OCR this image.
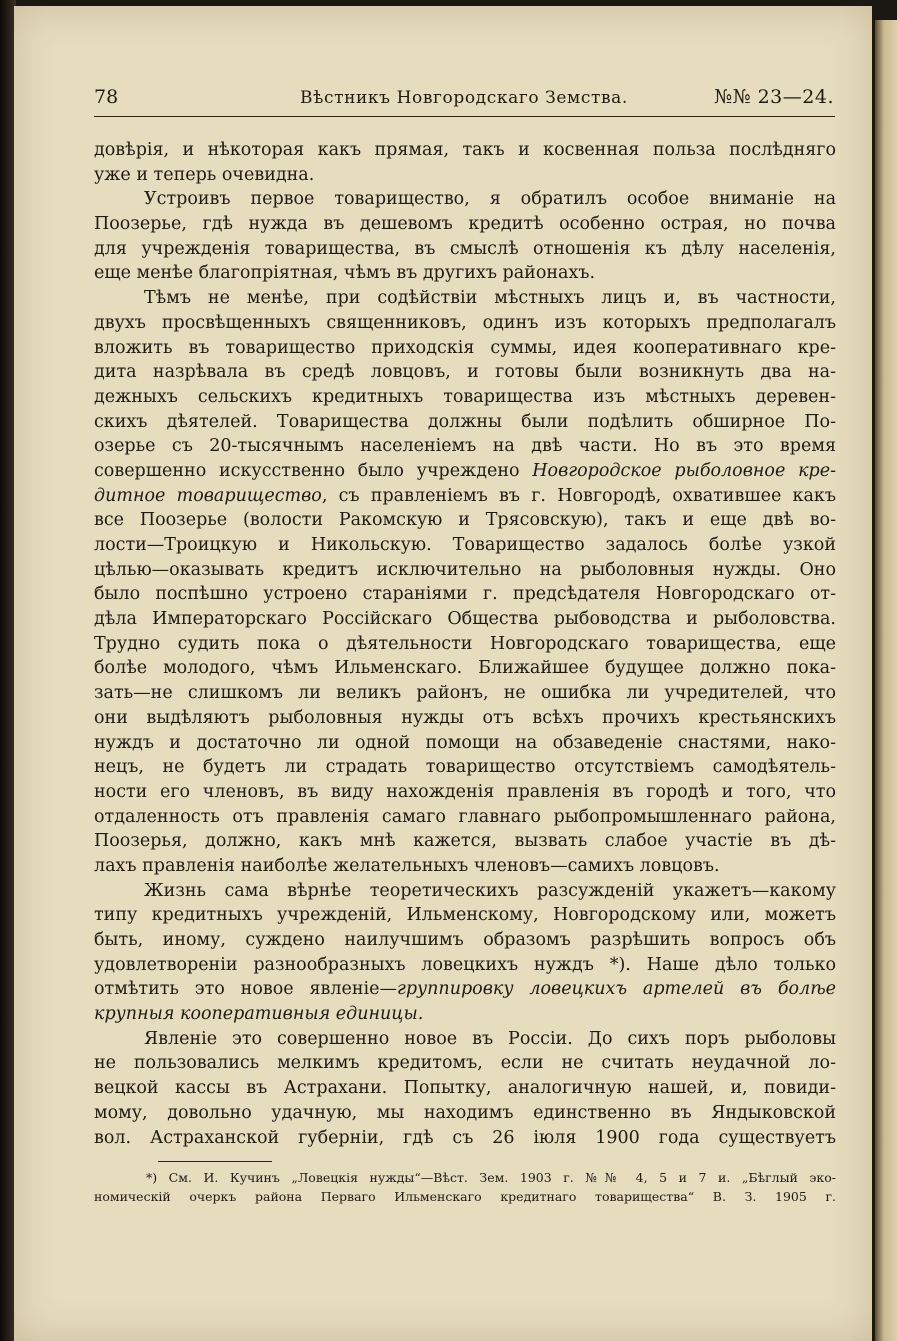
78	Вѣстникъ Новгородскаго Земства.	№№ 23—24.
довѣрія, и нѣкоторая какъ прямая, такъ и косвенная польза послѣдняго
уже и теперь очевидна.
Устроивъ первое товарищество, я обратилъ особое вниманіе на
Поозерье, гдѣ нужда въ дешевомъ кредитѣ особенно острая, но почва
для учрежденія товарищества, въ смыслѣ отношенія къ дѣлу населенія,
еще менѣе благопріятная, чѣмъ въ другихъ районахъ.
Тѣмъ не менѣе, при содѣйствіи мѣстныхъ лицъ и, въ частности,
двухъ просвѣщенныхъ священниковъ, одинъ изъ которыхъ предполагалъ
вложить въ товарищество приходскія суммы, идея кооперативнаго кре-
дита назрѣвала въ средѣ ловцовъ, и готовы были возникнуть два на-
дежныхъ сельскихъ кредитныхъ товарищества изъ мѣстныхъ деревен-
скихъ дѣятелей. Товарищества должны были подѣлить обширное По-
озерье съ 20-тысячнымъ населеніемъ на двѣ части. Но въ это время
совершенно искусственно было учреждено Новгородское рыболовное кре-
дитное товарищество, съ правленіемъ въ г. Новгородѣ, охватившее какъ
все Поозерье (волости Ракомскую и Трясовскую), такъ и еще двѣ во-
лости—Троицкую и Никольскую. Товарищество задалось болѣе узкой
цѣлью—оказывать кредитъ исключительно на рыболовныя нужды. Оно
было поспѣшно устроено стараніями г. предсѣдателя Новгородскаго от-
дѣла Императорскаго Россійскаго Общества рыбоводства и рыболовства.
Трудно судить пока о дѣятельности Новгородскаго товарищества, еще
болѣе молодого, чѣмъ Ильменскаго. Ближайшее будущее должно пока-
зать—не слишкомъ ли великъ районъ, не ошибка ли учредителей, что
они выдѣляютъ рыболовныя нужды отъ всѣхъ прочихъ крестьянскихъ
нуждъ и достаточно ли одной помощи на обзаведеніе снастями, нако-
нецъ, не будетъ ли страдать товарищество отсутствіемъ самодѣятель-
ности его членовъ, въ виду нахожденія правленія въ городѣ и того, что
отдаленность отъ правленія самаго главнаго рыбопромышленнаго района,
Поозерья, должно, какъ мнѣ кажется, вызвать слабое участіе въ дѣ-
лахъ правленія наиболѣе желательныхъ членовъ—самихъ ловцовъ.
Жизнь сама вѣрнѣе теоретическихъ разсужденій укажетъ—какому
типу кредитныхъ учрежденій, Ильменскому, Новгородскому или, можетъ
быть, иному, суждено наилучшимъ образомъ разрѣшить вопросъ объ
удовлетвореніи разнообразныхъ ловецкихъ нуждъ *). Наше дѣло только
отмѣтить это новое явленіе—группировку ловецкихъ артелей въ болѣе
крупныя кооперативныя единицы.
Явленіе это совершенно новое въ Россіи. До сихъ поръ рыболовы
не пользовались мелкимъ кредитомъ, если не считать неудачной ло-
вецкой кассы въ Астрахани. Попытку, аналогичную нашей, и, повиди-
мому, довольно удачную, мы находимъ единственно въ Яндыковской
вол. Астраханской губерніи, гдѣ съ 26 іюля 1900 года существуетъ
*) См. И. Кучинъ „Ловецкія нужды“—Вѣст. Зем. 1903 г. №№ 4, 5 и 7 и. „Бѣглый эко-
номическій очеркъ района Перваго Ильменскаго кредитнаго товарищества“ В. З. 1905 г.
